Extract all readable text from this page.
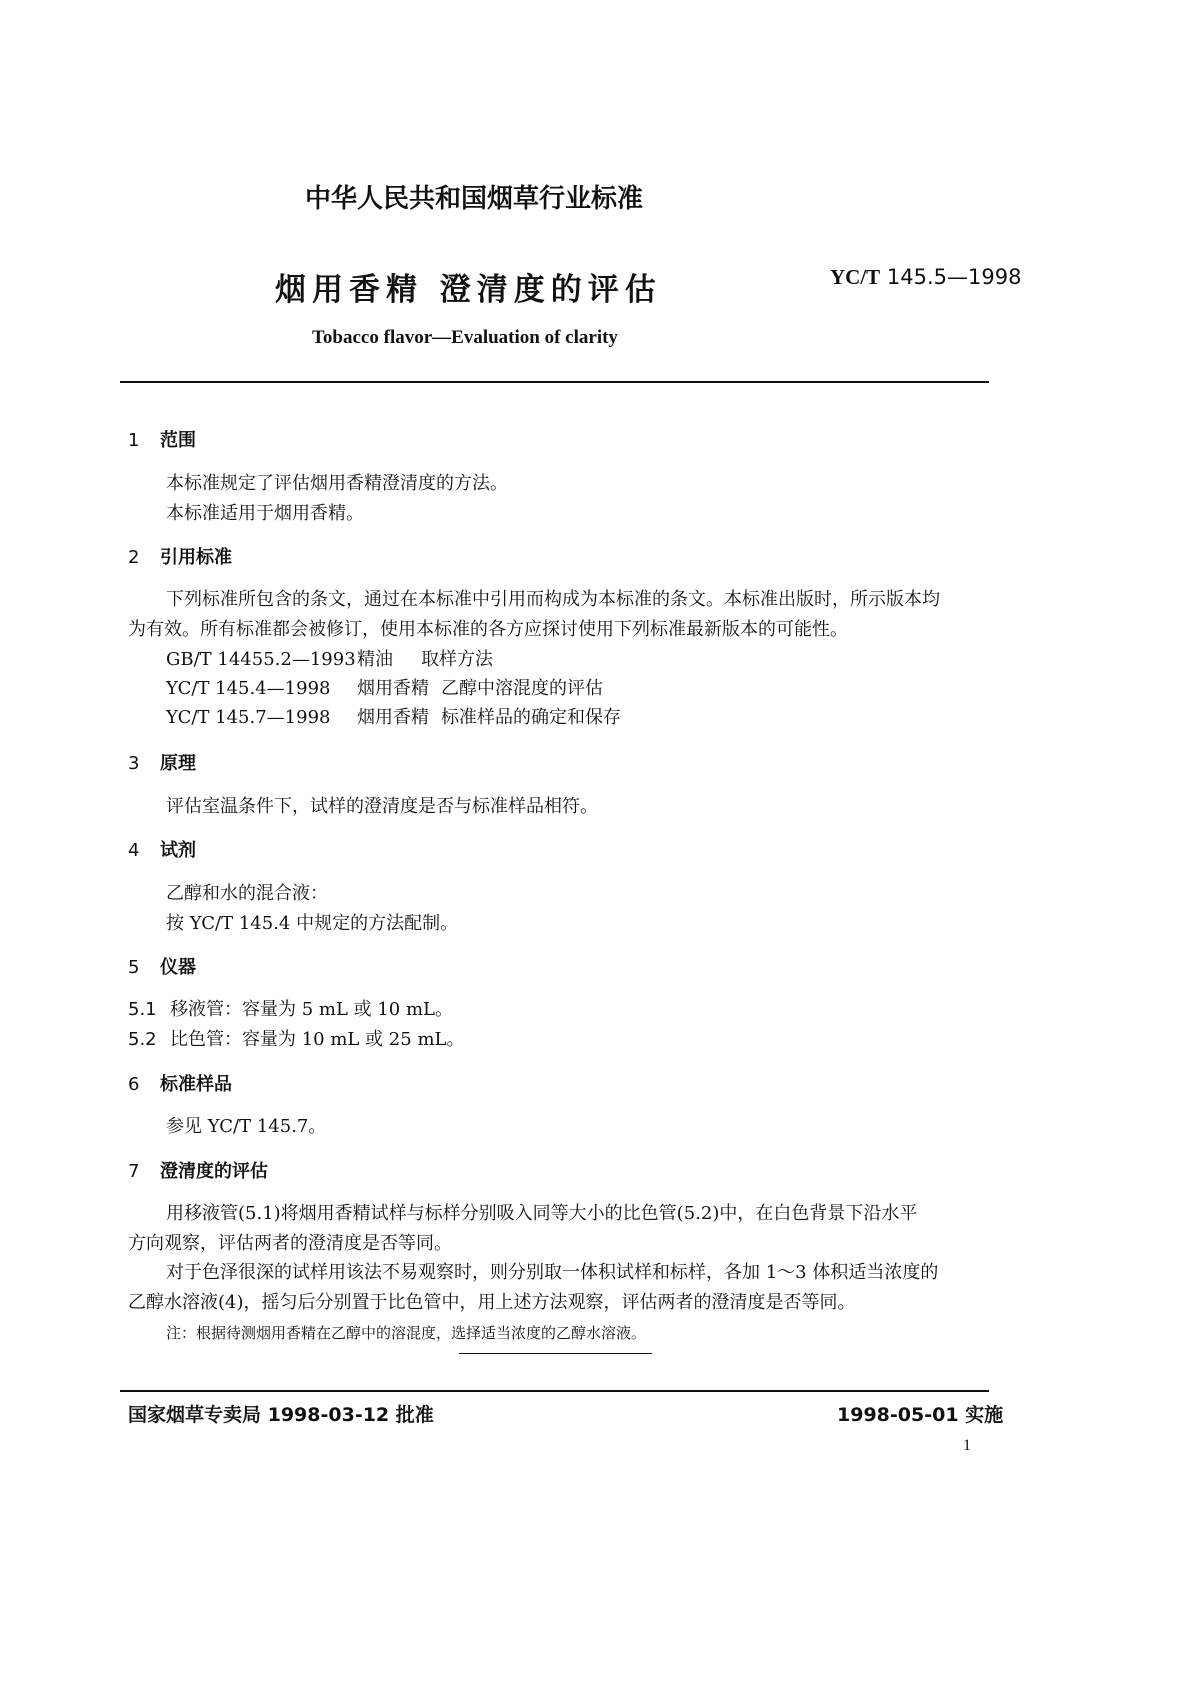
中华人民共和国烟草行业标准
烟用香精 澄清度的评估	YC/T 145.5—1998
Tobacco flavor—Evaluation of clarity
1 范围
本标准规定了评估烟用香精澄清度的方法。
本标准适用于烟用香精。
2 引用标准
下列标准所包含的条文，通过在本标准中引用而构成为本标准的条文。本标准出版时，所示版本均
为有效。所有标准都会被修订，使用本标准的各方应探讨使用下列标准最新版本的可能性。
GB/T 14455.2—1993精油 取样方法
YC/T 145.4—1998 烟用香精 乙醇中溶混度的评估
YC/T 145.7—1998 烟用香精 标准样品的确定和保存
3 原理
评估室温条件下，试样的澄清度是否与标准样品相符。
4 试剂
乙醇和水的混合液：
按 YC/T 145.4 中规定的方法配制。
5 仪器
5.1 移液管：容量为 5 mL 或 10 mL。
5.2 比色管：容量为 10 mL 或 25 mL。
6 标准样品
参见 YC/T 145.7。
7 澄清度的评估
用移液管(5.1)将烟用香精试样与标样分别吸入同等大小的比色管(5.2)中，在白色背景下沿水平
方向观察，评估两者的澄清度是否等同。
对于色泽很深的试样用该法不易观察时，则分别取一体积试样和标样，各加 1～3 体积适当浓度的
乙醇水溶液(4)，摇匀后分别置于比色管中，用上述方法观察，评估两者的澄清度是否等同。
注：根据待测烟用香精在乙醇中的溶混度，选择适当浓度的乙醇水溶液。
国家烟草专卖局 1998-03-12 批准	1998-05-01 实施
1
